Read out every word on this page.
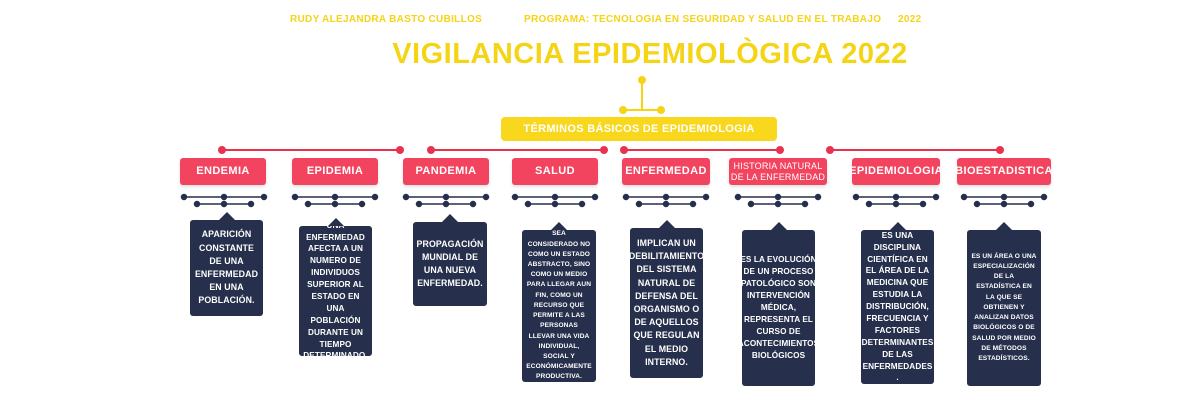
RUDY ALEJANDRA BASTO CUBILLOS	PROGRAMA: TECNOLOGIA EN SEGURIDAD Y SALUD EN EL TRABAJO 2022
VIGILANCIA EPIDEMIOLÒGICA 2022
TÉRMINOS BÁSICOS DE EPIDEMIOLOGIA
ENDEMIA	EPIDEMIA	PANDEMIA	SALUD	ENFERMEDAD	HISTORIA NATURAL DE LA ENFERMEDAD EPIDEMIOLOGIA BIOESTADISTICA
APARICIÓN CONSTANTE DE UNA ENFERMEDAD EN UNA POBLACIÓN.
UNA ENFERMEDAD AFECTA A UN NUMERO DE INDIVIDUOS SUPERIOR AL ESTADO EN UNA POBLACIÓN DURANTE UN TIEMPO DETERMINADO.
PROPAGACIÓN MUNDIAL DE UNA NUEVA ENFERMEDAD.
SEA CONSIDERADO NO COMO UN ESTADO ABSTRACTO, SINO COMO UN MEDIO PARA LLEGAR AUN FIN, COMO UN RECURSO QUE PERMITE A LAS PERSONAS LLEVAR UNA VIDA INDIVIDUAL, SOCIAL Y ECONÓMICAMENTE PRODUCTIVA.
IMPLICAN UN DEBILITAMIENTO DEL SISTEMA NATURAL DE DEFENSA DEL ORGANISMO O DE AQUELLOS QUE REGULAN EL MEDIO INTERNO.
ES LA EVOLUCIÓN DE UN PROCESO PATOLÓGICO SON INTERVENCIÓN MÉDICA, REPRESENTA EL CURSO DE ACONTECIMIENTOS BIOLÓGICOS
ES UNA DISCIPLINA CIENTÍFICA EN EL ÁREA DE LA MEDICINA QUE ESTUDIA LA DISTRIBUCIÓN, FRECUENCIA Y FACTORES DETERMINANTES DE LAS ENFERMEDADES .
ES UN ÁREA O UNA ESPECIALIZACIÓN DE LA ESTADÍSTICA EN LA QUE SE OBTIENEN Y ANALIZAN DATOS BIOLÓGICOS O DE SALUD POR MEDIO DE MÉTODOS ESTADÍSTICOS.
